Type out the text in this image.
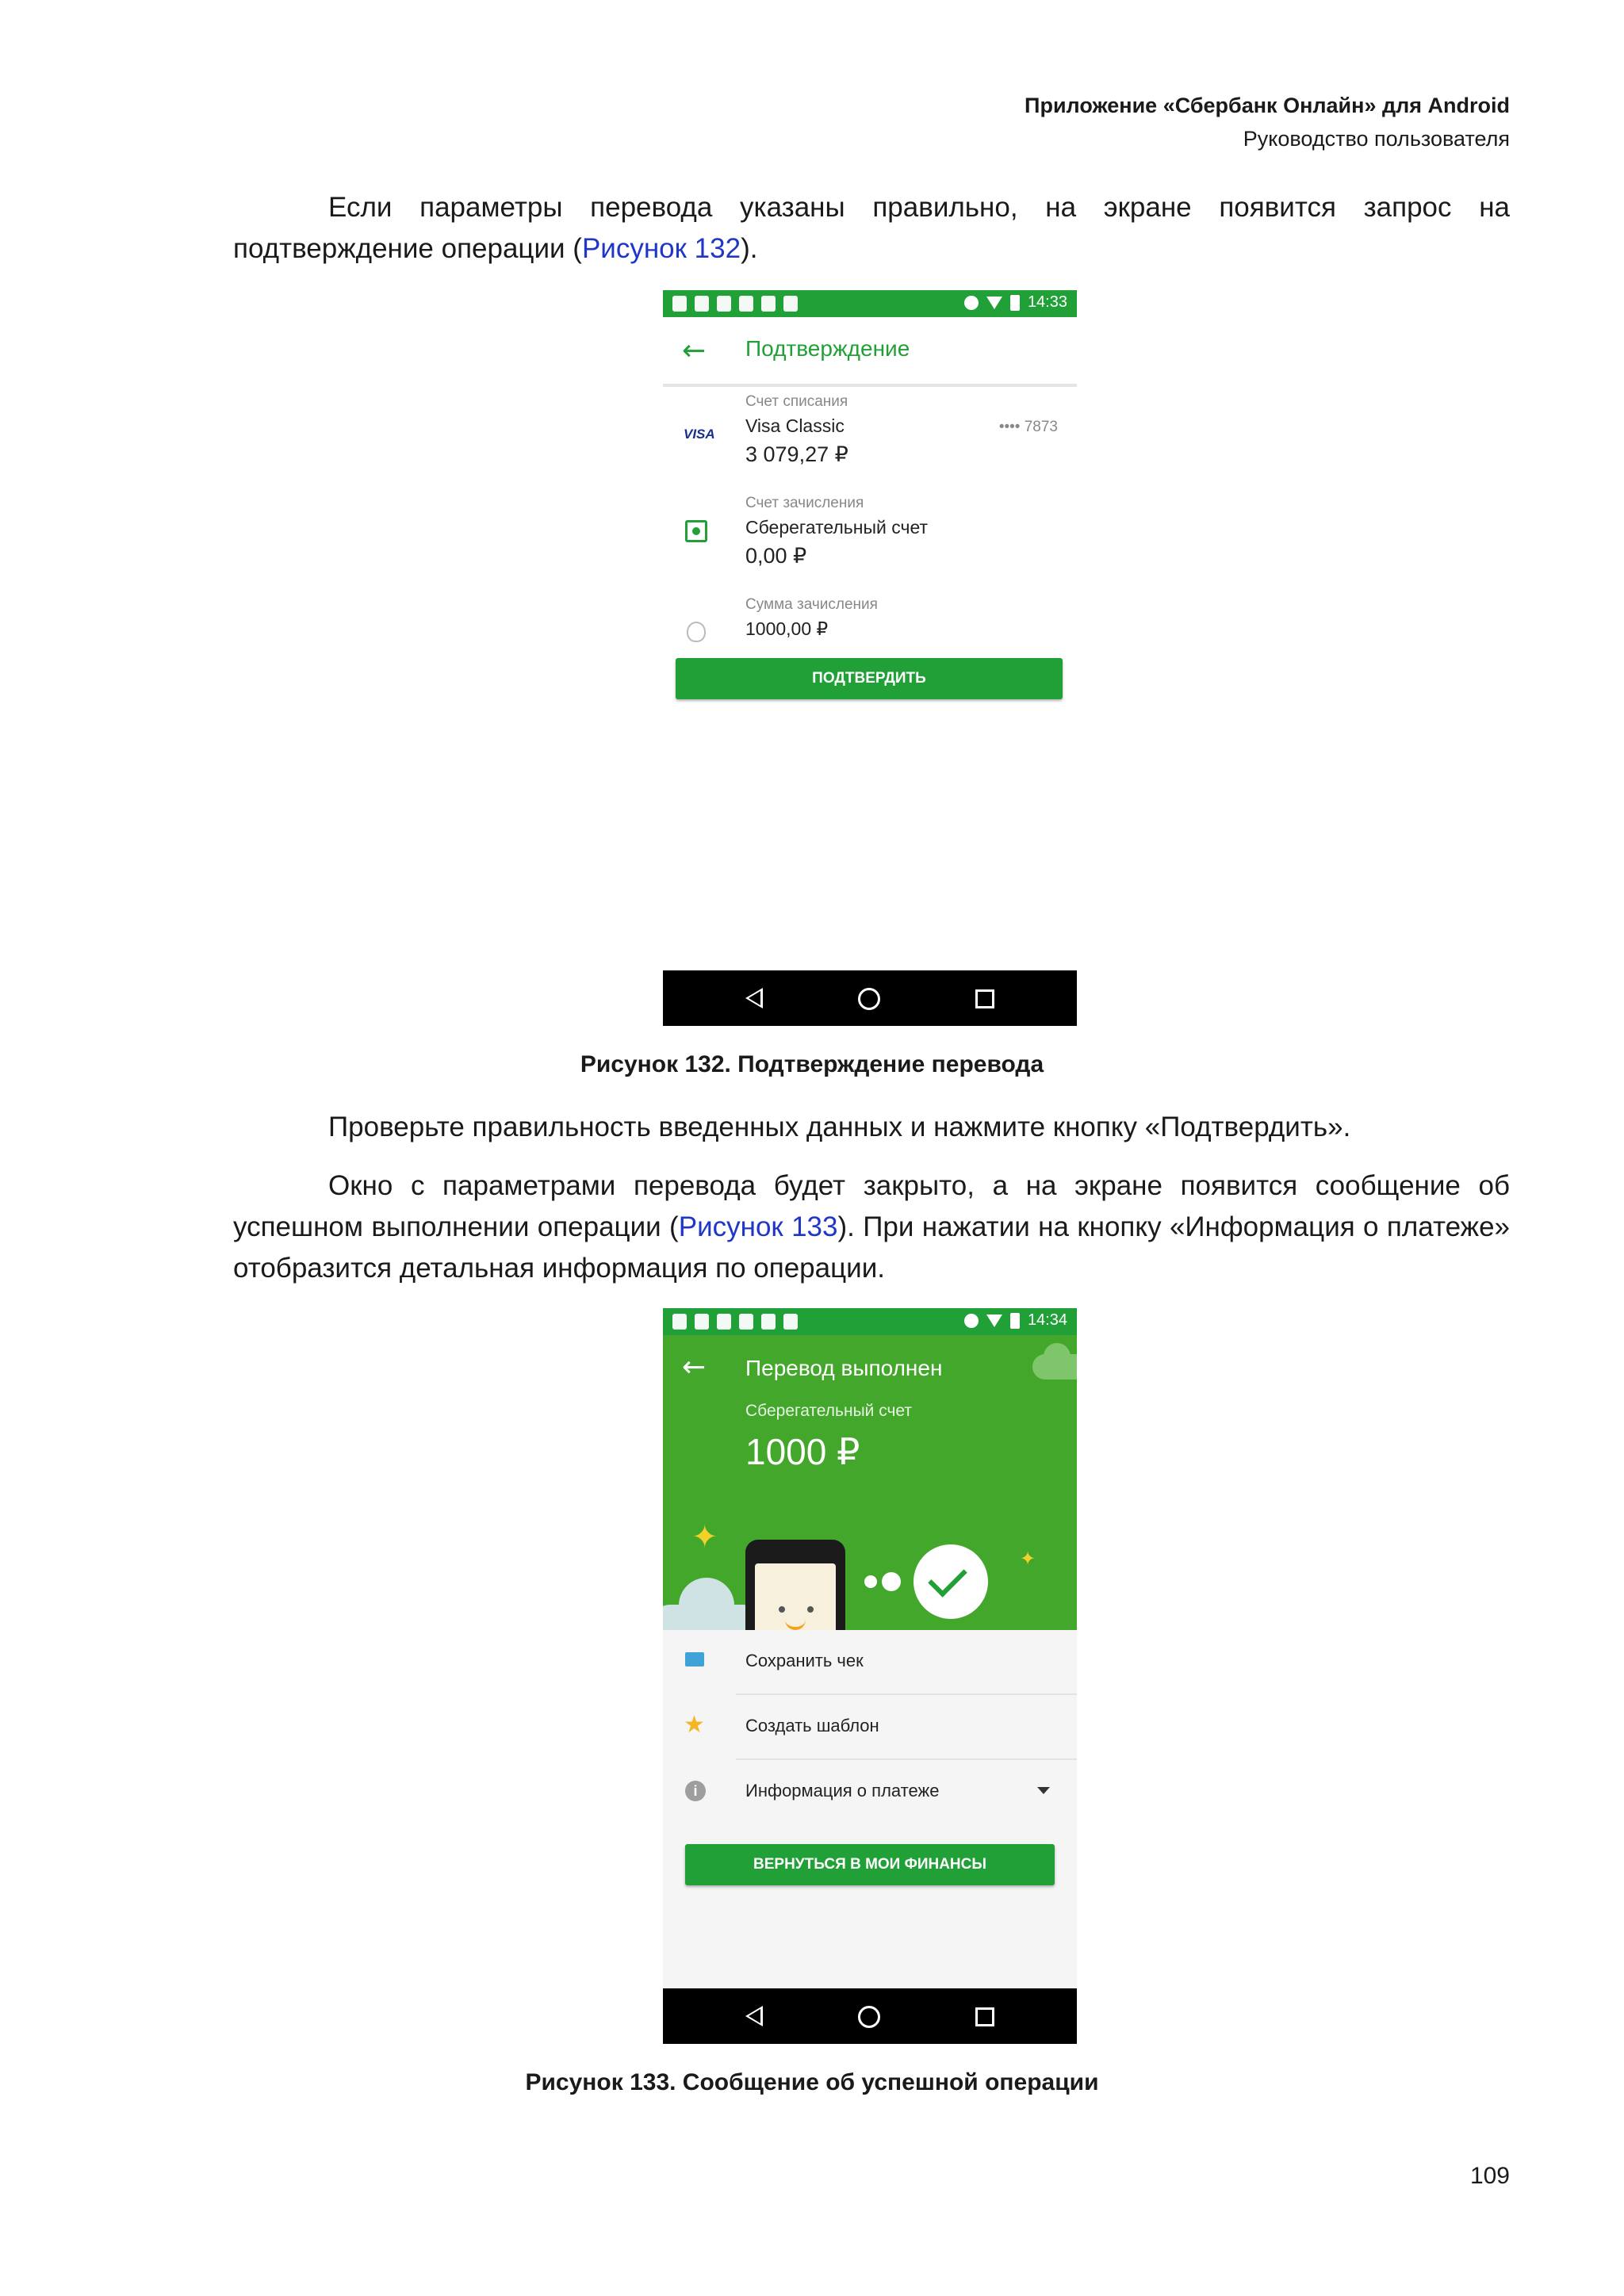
Приложение «Сбербанк Онлайн» для Android
Руководство пользователя
Если параметры перевода указаны правильно, на экране появится запрос на
подтверждение операции (Рисунок 132).
14:33
← Подтверждение
Счет списания
VISA Visa Classic	•••• 7873
3 079,27 ₽
Счет зачисления
Сберегательный счет
0,00 ₽
Сумма зачисления
1000,00 ₽
ПОДТВЕРДИТЬ
Рисунок 132. Подтверждение перевода
Проверьте правильность введенных данных и нажмите кнопку «Подтвердить».
Окно с параметрами перевода будет закрыто, а на экране появится сообщение об
успешном выполнении операции (Рисунок 133). При нажатии на кнопку «Информация о платеже»
отобразится детальная информация по операции.
14:34
← Перевод выполнен
Сберегательный счет
1000 ₽
✦
✦
Сохранить чек
★ Создать шаблон
i	Информация о платеже
ВЕРНУТЬСЯ В МОИ ФИНАНСЫ
Рисунок 133. Сообщение об успешной операции
109
